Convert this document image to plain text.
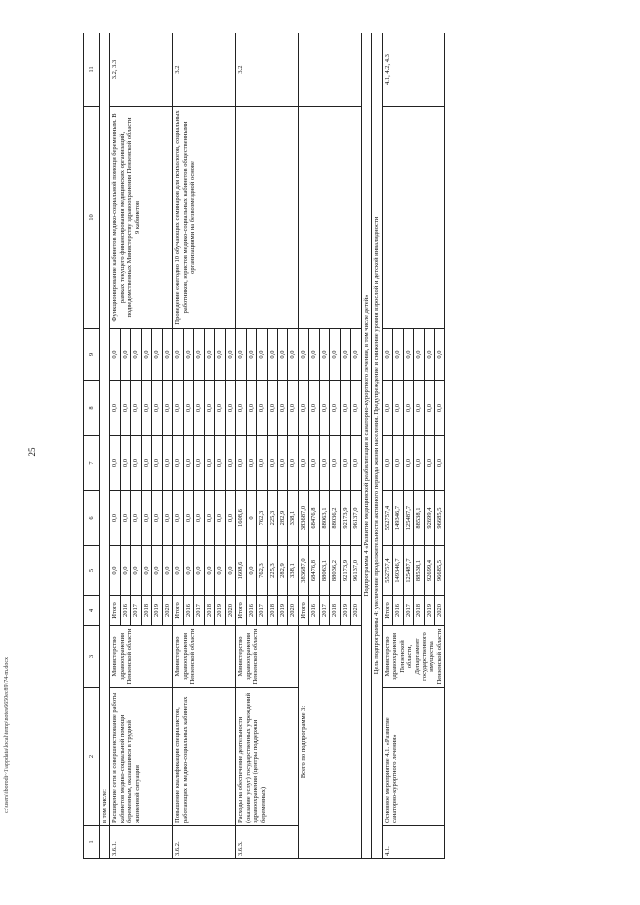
25
c:\users\iborodi~1\appdata\local\temp\notes6650ec89\74-m.docx
1	2	3	4	5	6	7	8	9	10	11
	в том числе:									
3.6.1.	Расширение сети и совершенствование работы кабинетов медико-социальной помощи беременным, оказавшимся в трудной жизненной ситуации	Министерство здравоохранения Пензенской области	Итого	0,0	0,0	0,0	0,0	0,0	Функционирование кабинетов медико-социальной помощи беременным. В рамках текущего финансирования медицинских организаций, подведомственных Министерству здравоохранения Пензенской области 9 кабинетов	3.2, 3.3
			2016	0,0	0,0	0,0	0,0	0,0		
			2017	0,0	0,0	0,0	0,0	0,0		
			2018	0,0	0,0	0,0	0,0	0,0		
			2019	0,0	0,0	0,0	0,0	0,0		
			2020	0,0	0,0	0,0	0,0	0,0		
3.6.2.	Повышение квалификации специалистов, работающих в медико-социальных кабинетах	Министерство здравоохранения Пензенской области	Итого	0,0	0,0	0,0	0,0	0,0	Проведение ежегодно 10 обучающих семинаров для психологов, социальных работников, юристов медико-социальных кабинетов общественными организациями на безвозмездной основе	3.2
			2016	0,0	0,0	0,0	0,0	0,0		
			2017	0,0	0,0	0,0	0,0	0,0		
			2018	0,0	0,0	0,0	0,0	0,0		
			2019	0,0	0,0	0,0	0,0	0,0		
			2020	0,0	0,0	0,0	0,0	0,0		
3.6.3.	Расходы на обеспечение деятельности (оказание услуг) государственных учреждений здравоохранения (центры поддержки беременных)	Министерство здравоохранения Пензенской области	Итого	1608,6	1608,6	0,0	0,0	0,0		3.2
			2016	0,0	0	0,0	0,0	0,0		
			2017	762,3	762,3	0,0	0,0	0,0		
			2018	225,3	225,3	0,0	0,0	0,0		
			2019	282,9	282,9	0,0	0,0	0,0		
			2020	338,1	338,1	0,0	0,0	0,0		
Всего по подпрограмме 3:			Итого	383687,0	383687,0	0,0	0,0	0,0		
			2016	68476,8	68476,8	0,0	0,0	0,0		
			2017	88063,1	88063,1	0,0	0,0	0,0		
			2018	88036,2	88036,2	0,0	0,0	0,0		
			2019	92173,9	92173,9	0,0	0,0	0,0		
			2020	96137,0	96137,0	0,0	0,0	0,0		
Подпрограмма 4 «Развитие медицинской реабилитации и санаторно-курортного лечения, в том числе детей»										
Цель подпрограммы 4: увеличение продолжительности активного периода жизни населения. Предупреждение и снижение уровня взрослой и детской инвалидности										
4.1.	Основное мероприятие 4.1. «Развитие санаторно-курортного лечения»	Министерство здравоохранения Пензенской области, Департамент государственного имущества Пензенской области	Итого	552757,4	552757,4	0,0	0,0	0,0		4.1, 4.2, 4.3
			2016	149346,7	149346,7	0,0	0,0	0,0		
			2017	125487,7	125487,7	0,0	0,0	0,0		
			2018	88538,1	88538,1	0,0	0,0	0,0		
			2019	92699,4	92699,4	0,0	0,0	0,0		
			2020	96685,5	96685,5	0,0	0,0	0,0		
